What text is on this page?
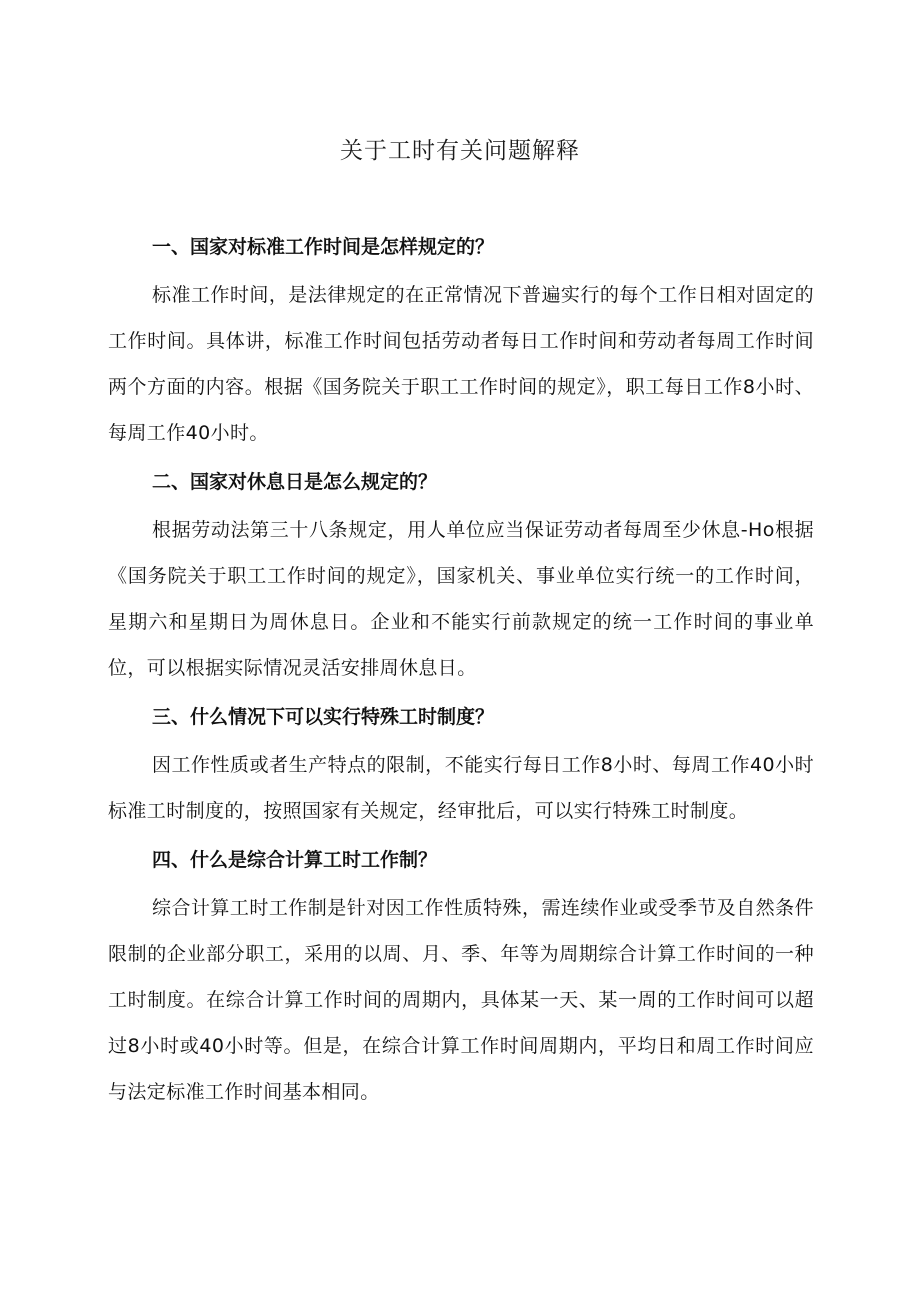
关于工时有关问题解释
一、国家对标准工作时间是怎样规定的？

标准工作时间，是法律规定的在正常情况下普遍实行的每个工作日相对固定的工作时间。具体讲，标准工作时间包括劳动者每日工作时间和劳动者每周工作时间两个方面的内容。根据《国务院关于职工工作时间的规定》，职工每日工作8小时、每周工作40小时。

二、国家对休息日是怎么规定的？

根据劳动法第三十八条规定，用人单位应当保证劳动者每周至少休息-Ho根据《国务院关于职工工作时间的规定》，国家机关、事业单位实行统一的工作时间，星期六和星期日为周休息日。企业和不能实行前款规定的统一工作时间的事业单位，可以根据实际情况灵活安排周休息日。

三、什么情况下可以实行特殊工时制度？

因工作性质或者生产特点的限制，不能实行每日工作8小时、每周工作40小时标准工时制度的，按照国家有关规定，经审批后，可以实行特殊工时制度。

四、什么是综合计算工时工作制？

综合计算工时工作制是针对因工作性质特殊，需连续作业或受季节及自然条件限制的企业部分职工，采用的以周、月、季、年等为周期综合计算工作时间的一种工时制度。在综合计算工作时间的周期内，具体某一天、某一周的工作时间可以超过8小时或40小时等。但是，在综合计算工作时间周期内，平均日和周工作时间应与法定标准工作时间基本相同。
